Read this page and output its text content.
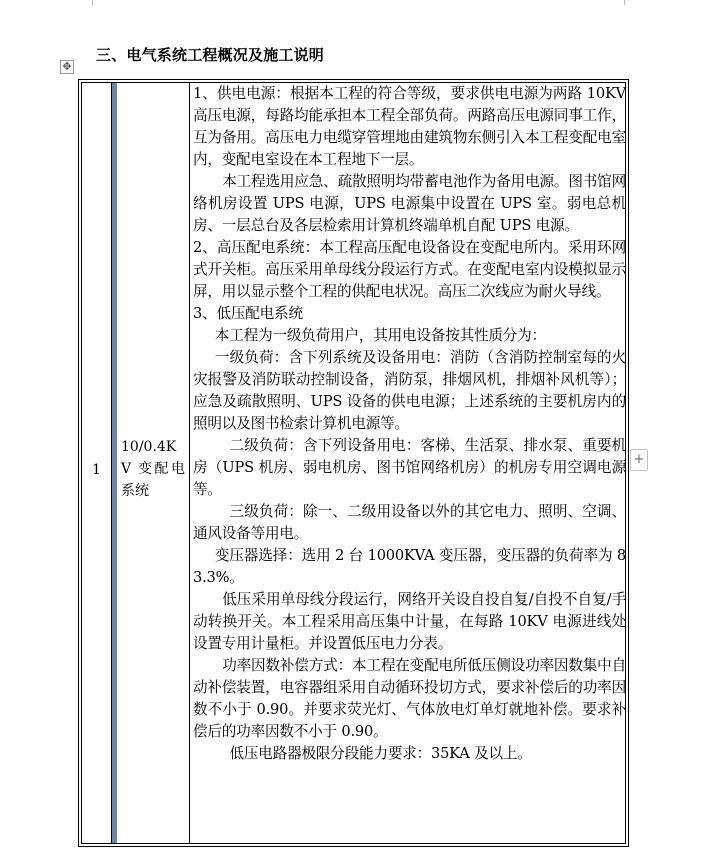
三、电气系统工程概况及施工说明
✥
+
1
10/0.4KV 变配电系统

1、供电电源：根据本工程的符合等级，要求供电电源为两路 10KV 高压电源，每路均能承担本工程全部负荷。两路高压电源同事工作，互为备用。高压电力电缆穿管埋地由建筑物东侧引入本工程变配电室内，变配电室设在本工程地下一层。

本工程选用应急、疏散照明均带蓄电池作为备用电源。图书馆网络机房设置 UPS 电源，UPS 电源集中设置在 UPS 室。弱电总机房、一层总台及各层检索用计算机终端单机自配 UPS 电源。

2、高压配电系统：本工程高压配电设备设在变配电所内。采用环网式开关柜。高压采用单母线分段运行方式。在变配电室内设模拟显示屏，用以显示整个工程的供配电状况。高压二次线应为耐火导线。

3、低压配电系统

本工程为一级负荷用户，其用电设备按其性质分为：

一级负荷：含下列系统及设备用电：消防（含消防控制室每的火灾报警及消防联动控制设备，消防泵，排烟风机，排烟补风机等）；应急及疏散照明、UPS 设备的供电电源；上述系统的主要机房内的照明以及图书检索计算机电源等。

二级负荷：含下列设备用电：客梯、生活泵、排水泵、重要机房（UPS 机房、弱电机房、图书馆网络机房）的机房专用空调电源等。

三级负荷：除一、二级用设备以外的其它电力、照明、空调、通风设备等用电。

变压器选择：选用 2 台 1000KVA 变压器，变压器的负荷率为 83.3%。

低压采用单母线分段运行，网络开关设自投自复/自投不自复/手动转换开关。本工程采用高压集中计量，在每路 10KV 电源进线处设置专用计量柜。并设置低压电力分表。

功率因数补偿方式：本工程在变配电所低压侧设功率因数集中自动补偿装置，电容器组采用自动循环投切方式，要求补偿后的功率因数不小于 0.90。并要求荧光灯、气体放电灯单灯就地补偿。要求补偿后的功率因数不小于 0.90。

低压电路器极限分段能力要求：35KA 及以上。
